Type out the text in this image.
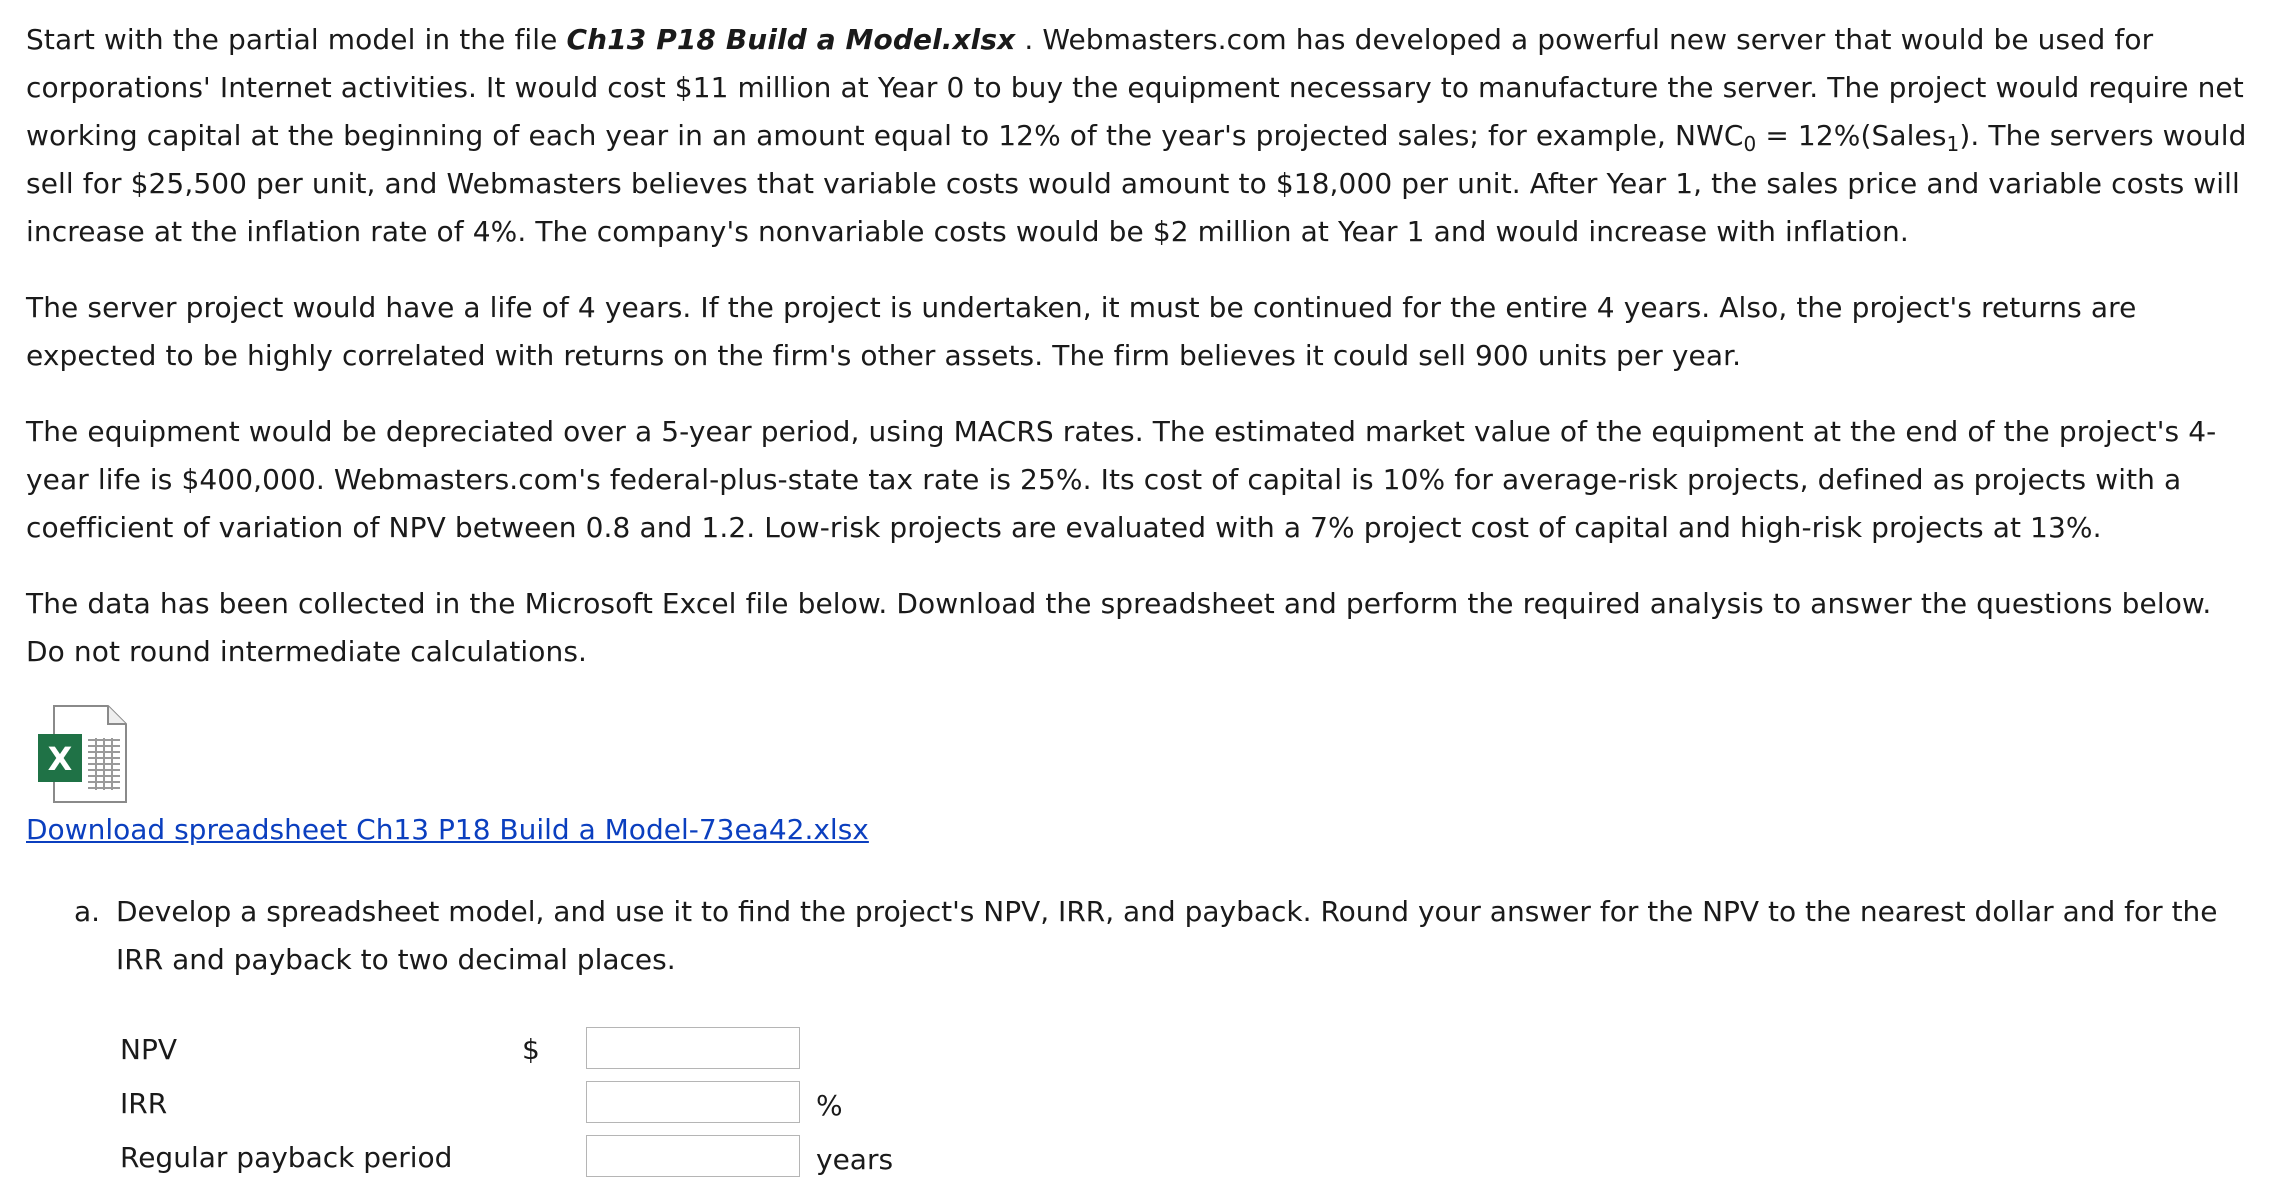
Start with the partial model in the file Ch13 P18 Build a Model.xlsx . Webmasters.com has developed a powerful new server that would be used for corporations' Internet activities. It would cost $11 million at Year 0 to buy the equipment necessary to manufacture the server. The project would require net working capital at the beginning of each year in an amount equal to 12% of the year's projected sales; for example, $NWC_0$ = 12%(Sales$_1$). The servers would sell for $25,500 per unit, and Webmasters believes that variable costs would amount to $18,000 per unit. After Year 1, the sales price and variable costs will increase at the inflation rate of 4%. The company's nonvariable costs would be $2 million at Year 1 and would increase with inflation.

The server project would have a life of 4 years. If the project is undertaken, it must be continued for the entire 4 years. Also, the project's returns are expected to be highly correlated with returns on the firm's other assets. The firm believes it could sell 900 units per year.

The equipment would be depreciated over a 5-year period, using MACRS rates. The estimated market value of the equipment at the end of the project's 4-year life is $400,000. Webmasters.com's federal-plus-state tax rate is 25%. Its cost of capital is 10% for average-risk projects, defined as projects with a coefficient of variation of NPV between 0.8 and 1.2. Low-risk projects are evaluated with a 7% project cost of capital and high-risk projects at 13%.

The data has been collected in the Microsoft Excel file below. Download the spreadsheet and perform the required analysis to answer the questions below. Do not round intermediate calculations.

X
Download spreadsheet Ch13 P18 Build a Model-73ea42.xlsx
a. Develop a spreadsheet model, and use it to find the project's NPV, IRR, and payback. Round your answer for the NPV to the nearest dollar and for the IRR and payback to two decimal places.
NPV	$
IRR	%
Regular payback period	years
